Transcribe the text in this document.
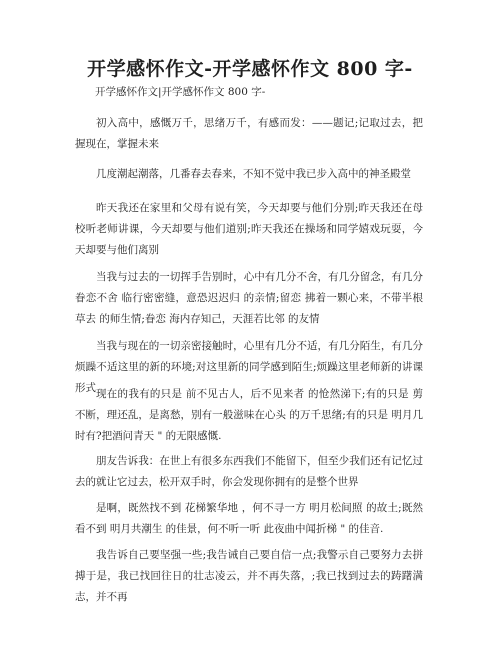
开学感怀作文-开学感怀作文 800 字-

开学感怀作文|开学感怀作文 800 字-

初入高中，感慨万千，思绪万千，有感而发：——题记;记取过去，把握现在，掌握未来

几度潮起潮落，几番春去春来，不知不觉中我已步入高中的神圣殿堂

昨天我还在家里和父母有说有笑，今天却要与他们分别;昨天我还在母校听老师讲课，今天却要与他们道别;昨天我还在操场和同学嬉戏玩耍，今天却要与他们离别

当我与过去的一切挥手告别时，心中有几分不舍，有几分留念，有几分眷恋不舍 临行密密缝，意恐迟迟归 的亲情;留恋 拂着一颗心来，不带半根草去 的师生情;眷恋 海内存知己，天涯若比邻 的友情

当我与现在的一切亲密接触时，心里有几分不适，有几分陌生，有几分烦躁不适这里的新的环境;对这里新的同学感到陌生;烦躁这里老师新的讲课形式 现在的我有的只是 前不见古人，后不见来者 的怆然涕下;有的只是 剪不断，理还乱，是离愁，别有一般滋味在心头 的万千思绪;有的只是 明月几时有?把酒问青天 " 的无限感慨.

朋友告诉我：在世上有很多东西我们不能留下，但至少我们还有记忆过去的就让它过去，松开双手时，你会发现你拥有的是整个世界

是啊，既然找不到 花梯繁华地 ，何不寻一方 明月松间照 的故土;既然看不到 明月共潮生 的佳景，何不听一听 此夜曲中闻折梯 " 的佳音.

我告诉自己要坚强一些;我告诫自己要自信一点;我警示自己要努力去拼搏于是，我已找回往日的壮志凌云，并不再失落，;我已找到过去的踌躇满志，并不再
